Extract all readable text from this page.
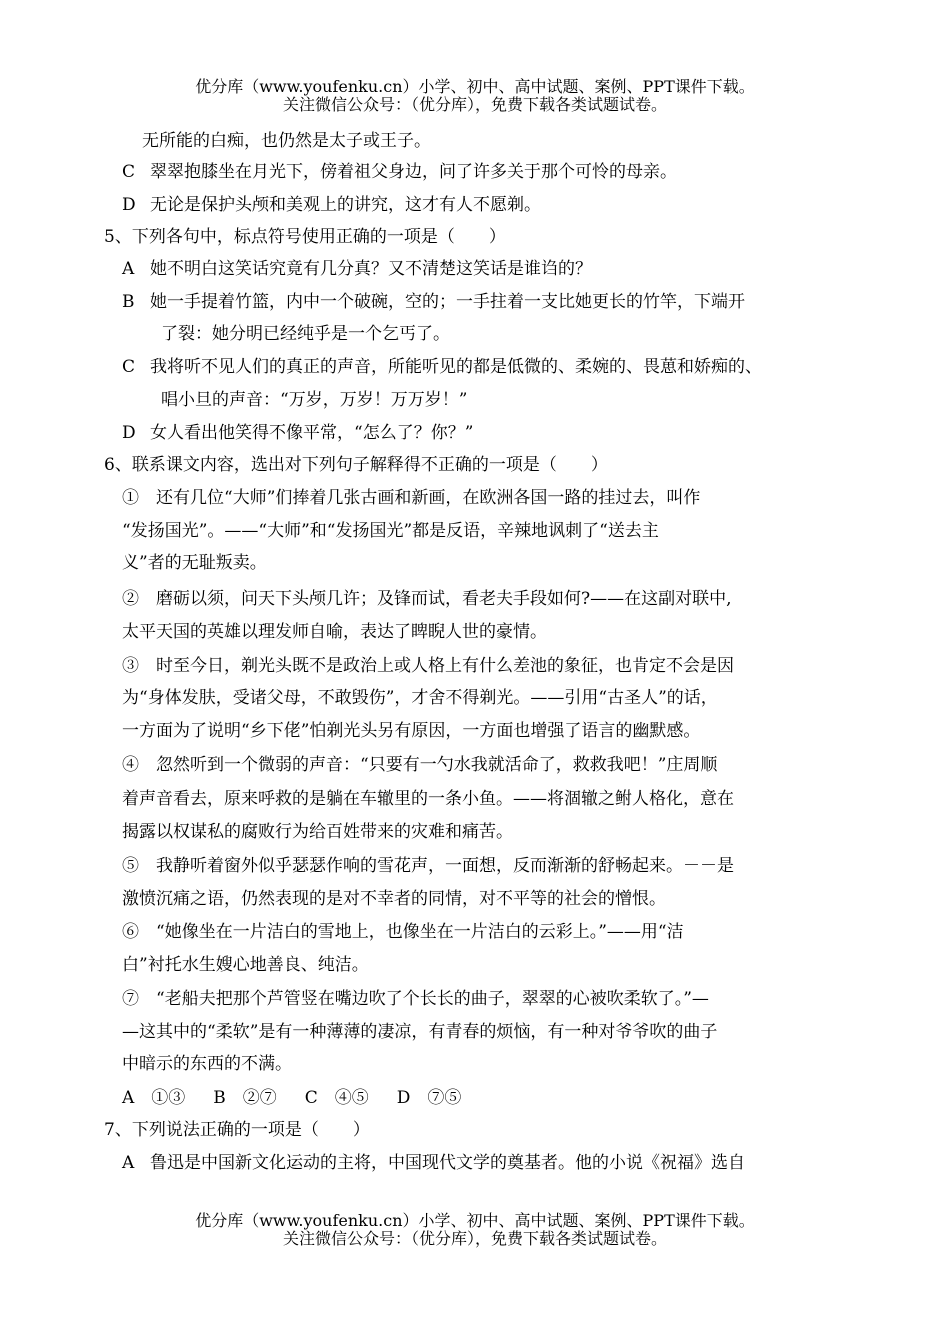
优分库（www.youfenku.cn）小学、初中、高中试题、案例、PPT课件下载。
关注微信公众号：（优分库），免费下载各类试题试卷。
无所能的白痴，也仍然是太子或王子。
C 翠翠抱膝坐在月光下，傍着祖父身边，问了许多关于那个可怜的母亲。
D 无论是保护头颅和美观上的讲究，这才有人不愿剃。
5、下列各句中，标点符号使用正确的一项是（　　）
A 她不明白这笑话究竟有几分真？又不清楚这笑话是谁诌的？
B 她一手提着竹篮，内中一个破碗，空的；一手拄着一支比她更长的竹竿，下端开
了裂：她分明已经纯乎是一个乞丐了。
C 我将听不见人们的真正的声音，所能听见的都是低微的、柔婉的、畏葸和娇痴的、
唱小旦的声音：“万岁，万岁！万万岁！”
D 女人看出他笑得不像平常，“怎么了？你？”
6、联系课文内容，选出对下列句子解释得不正确的一项是（　　）
①　还有几位“大师”们捧着几张古画和新画，在欧洲各国一路的挂过去，叫作
“发扬国光”。——“大师”和“发扬国光”都是反语，辛辣地讽刺了“送去主
义”者的无耻叛卖。
②　磨砺以须，问天下头颅几许；及锋而试，看老夫手段如何?——在这副对联中,
太平天国的英雄以理发师自喻，表达了睥睨人世的豪情。
③　时至今日，剃光头既不是政治上或人格上有什么差池的象征，也肯定不会是因
为“身体发肤，受诸父母，不敢毁伤”，才舍不得剃光。——引用“古圣人”的话，
一方面为了说明“乡下佬”怕剃光头另有原因，一方面也增强了语言的幽默感。
④　忽然听到一个微弱的声音：“只要有一勺水我就活命了，救救我吧！”庄周顺
着声音看去，原来呼救的是躺在车辙里的一条小鱼。——将涸辙之鲋人格化，意在
揭露以权谋私的腐败行为给百姓带来的灾难和痛苦。
⑤　我静听着窗外似乎瑟瑟作响的雪花声，一面想，反而渐渐的舒畅起来。－－是
激愤沉痛之语，仍然表现的是对不幸者的同情，对不平等的社会的憎恨。
⑥　“她像坐在一片洁白的雪地上，也像坐在一片洁白的云彩上。”——用“洁
白”衬托水生嫂心地善良、纯洁。
⑦　“老船夫把那个芦管竖在嘴边吹了个长长的曲子，翠翠的心被吹柔软了。”—
—这其中的“柔软”是有一种薄薄的凄凉，有青春的烦恼，有一种对爷爷吹的曲子
中暗示的东西的不满。
A　①③ B　②⑦ C　④⑤ D　⑦⑤
7、下列说法正确的一项是（　　）
A 鲁迅是中国新文化运动的主将，中国现代文学的奠基者。他的小说《祝福》选自
优分库（www.youfenku.cn）小学、初中、高中试题、案例、PPT课件下载。
关注微信公众号：（优分库），免费下载各类试题试卷。
